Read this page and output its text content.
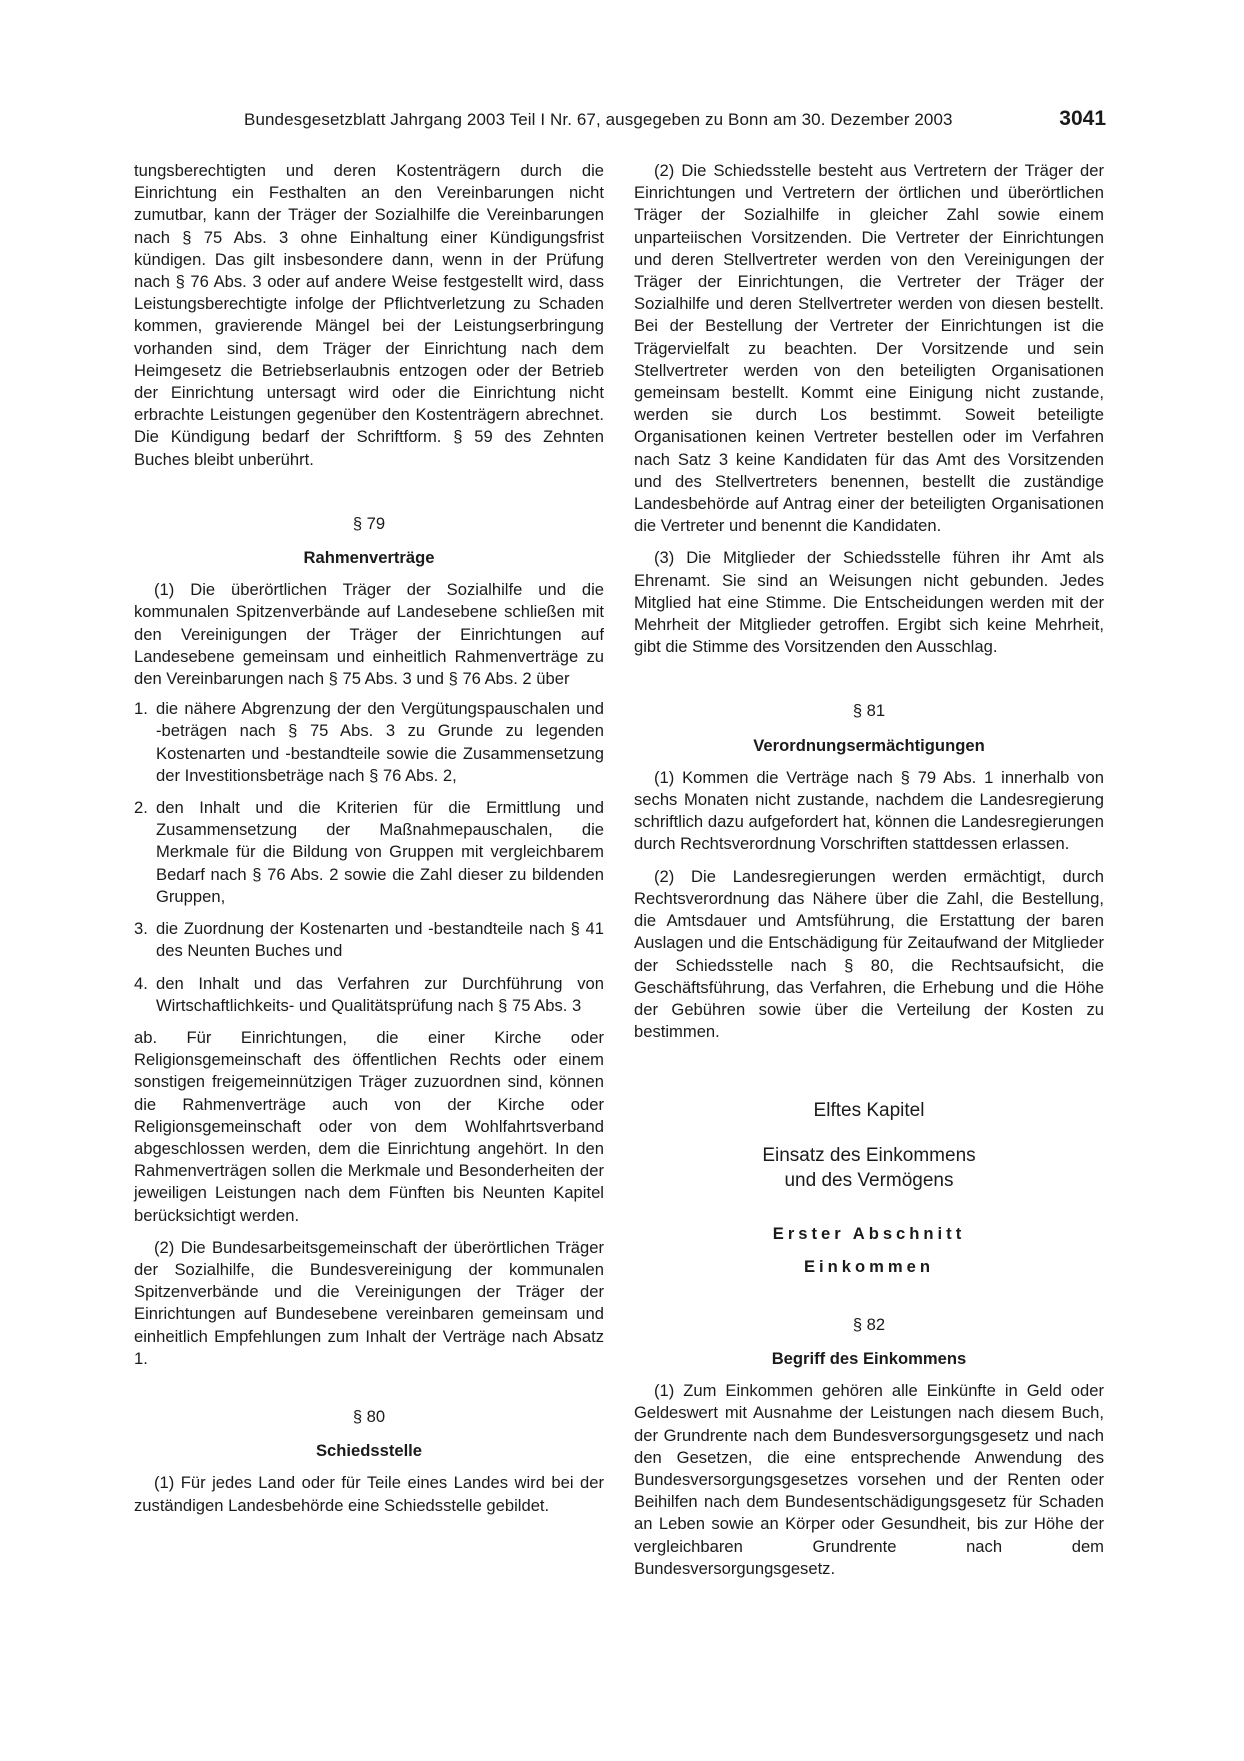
Bundesgesetzblatt Jahrgang 2003 Teil I Nr. 67, ausgegeben zu Bonn am 30. Dezember 2003	3041

tungsberechtigten und deren Kostenträgern durch die Einrichtung ein Festhalten an den Vereinbarungen nicht zumutbar, kann der Träger der Sozialhilfe die Vereinbarungen nach § 75 Abs. 3 ohne Einhaltung einer Kündigungsfrist kündigen. Das gilt insbesondere dann, wenn in der Prüfung nach § 76 Abs. 3 oder auf andere Weise festgestellt wird, dass Leistungsberechtigte infolge der Pflichtverletzung zu Schaden kommen, gravierende Mängel bei der Leistungserbringung vorhanden sind, dem Träger der Einrichtung nach dem Heimgesetz die Betriebserlaubnis entzogen oder der Betrieb der Einrichtung untersagt wird oder die Einrichtung nicht erbrachte Leistungen gegenüber den Kostenträgern abrechnet. Die Kündigung bedarf der Schriftform. § 59 des Zehnten Buches bleibt unberührt.

§ 79
Rahmenverträge

(1) Die überörtlichen Träger der Sozialhilfe und die kommunalen Spitzenverbände auf Landesebene schließen mit den Vereinigungen der Träger der Einrichtungen auf Landesebene gemeinsam und einheitlich Rahmenverträge zu den Vereinbarungen nach § 75 Abs. 3 und § 76 Abs. 2 über

1. die nähere Abgrenzung der den Vergütungspauschalen und -beträgen nach § 75 Abs. 3 zu Grunde zu legenden Kostenarten und -bestandteile sowie die Zusammensetzung der Investitionsbeträge nach § 76 Abs. 2,
2. den Inhalt und die Kriterien für die Ermittlung und Zusammensetzung der Maßnahmepauschalen, die Merkmale für die Bildung von Gruppen mit vergleichbarem Bedarf nach § 76 Abs. 2 sowie die Zahl dieser zu bildenden Gruppen,
3. die Zuordnung der Kostenarten und -bestandteile nach § 41 des Neunten Buches und
4. den Inhalt und das Verfahren zur Durchführung von Wirtschaftlichkeits- und Qualitätsprüfung nach § 75 Abs. 3

ab. Für Einrichtungen, die einer Kirche oder Religionsgemeinschaft des öffentlichen Rechts oder einem sonstigen freigemeinnützigen Träger zuzuordnen sind, können die Rahmenverträge auch von der Kirche oder Religionsgemeinschaft oder von dem Wohlfahrtsverband abgeschlossen werden, dem die Einrichtung angehört. In den Rahmenverträgen sollen die Merkmale und Besonderheiten der jeweiligen Leistungen nach dem Fünften bis Neunten Kapitel berücksichtigt werden.

(2) Die Bundesarbeitsgemeinschaft der überörtlichen Träger der Sozialhilfe, die Bundesvereinigung der kommunalen Spitzenverbände und die Vereinigungen der Träger der Einrichtungen auf Bundesebene vereinbaren gemeinsam und einheitlich Empfehlungen zum Inhalt der Verträge nach Absatz 1.

§ 80
Schiedsstelle

(1) Für jedes Land oder für Teile eines Landes wird bei der zuständigen Landesbehörde eine Schiedsstelle gebildet.

(2) Die Schiedsstelle besteht aus Vertretern der Träger der Einrichtungen und Vertretern der örtlichen und überörtlichen Träger der Sozialhilfe in gleicher Zahl sowie einem unparteiischen Vorsitzenden. Die Vertreter der Einrichtungen und deren Stellvertreter werden von den Vereinigungen der Träger der Einrichtungen, die Vertreter der Träger der Sozialhilfe und deren Stellvertreter werden von diesen bestellt. Bei der Bestellung der Vertreter der Einrichtungen ist die Trägervielfalt zu beachten. Der Vorsitzende und sein Stellvertreter werden von den beteiligten Organisationen gemeinsam bestellt. Kommt eine Einigung nicht zustande, werden sie durch Los bestimmt. Soweit beteiligte Organisationen keinen Vertreter bestellen oder im Verfahren nach Satz 3 keine Kandidaten für das Amt des Vorsitzenden und des Stellvertreters benennen, bestellt die zuständige Landesbehörde auf Antrag einer der beteiligten Organisationen die Vertreter und benennt die Kandidaten.

(3) Die Mitglieder der Schiedsstelle führen ihr Amt als Ehrenamt. Sie sind an Weisungen nicht gebunden. Jedes Mitglied hat eine Stimme. Die Entscheidungen werden mit der Mehrheit der Mitglieder getroffen. Ergibt sich keine Mehrheit, gibt die Stimme des Vorsitzenden den Ausschlag.

§ 81
Verordnungsermächtigungen

(1) Kommen die Verträge nach § 79 Abs. 1 innerhalb von sechs Monaten nicht zustande, nachdem die Landesregierung schriftlich dazu aufgefordert hat, können die Landesregierungen durch Rechtsverordnung Vorschriften stattdessen erlassen.

(2) Die Landesregierungen werden ermächtigt, durch Rechtsverordnung das Nähere über die Zahl, die Bestellung, die Amtsdauer und Amtsführung, die Erstattung der baren Auslagen und die Entschädigung für Zeitaufwand der Mitglieder der Schiedsstelle nach § 80, die Rechtsaufsicht, die Geschäftsführung, das Verfahren, die Erhebung und die Höhe der Gebühren sowie über die Verteilung der Kosten zu bestimmen.

Elftes Kapitel
Einsatz des Einkommens
und des Vermögens
Erster Abschnitt
Einkommen
§ 82
Begriff des Einkommens

(1) Zum Einkommen gehören alle Einkünfte in Geld oder Geldeswert mit Ausnahme der Leistungen nach diesem Buch, der Grundrente nach dem Bundesversorgungsgesetz und nach den Gesetzen, die eine entsprechende Anwendung des Bundesversorgungsgesetzes vorsehen und der Renten oder Beihilfen nach dem Bundesentschädigungsgesetz für Schaden an Leben sowie an Körper oder Gesundheit, bis zur Höhe der vergleichbaren Grundrente nach dem Bundesversorgungsgesetz.
